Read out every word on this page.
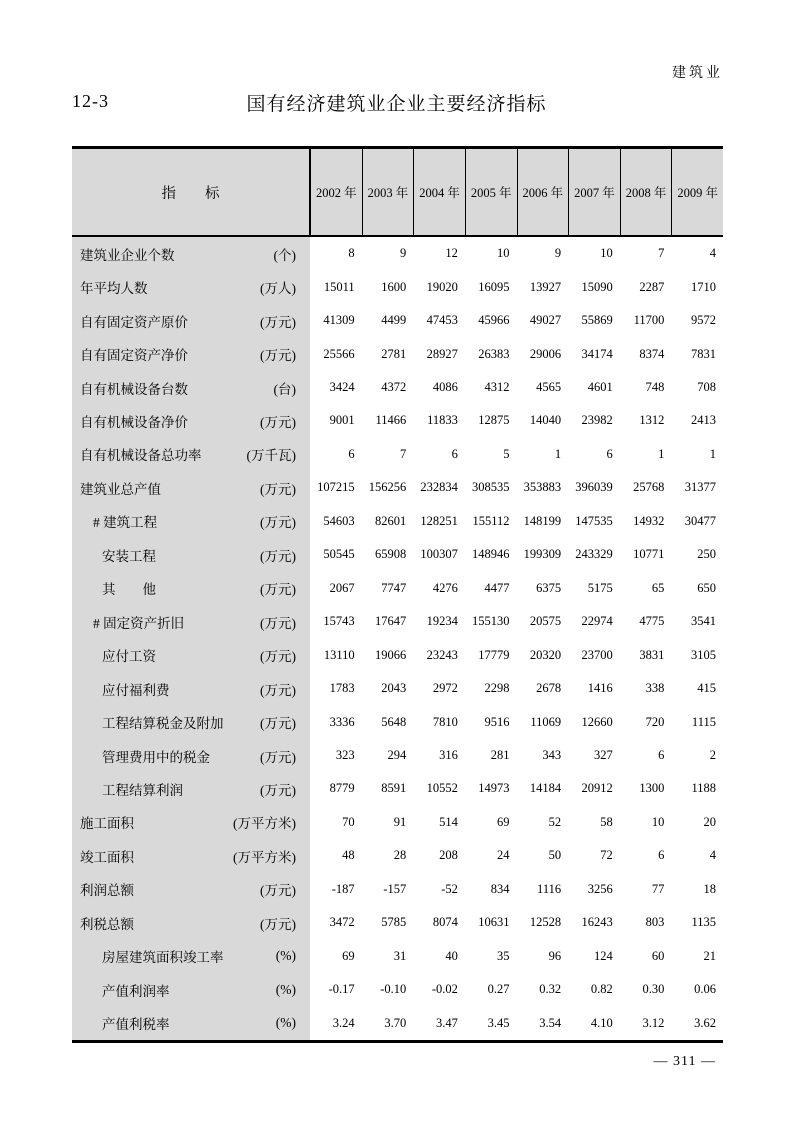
建筑业
12-3	国有经济建筑业企业主要经济指标
指　　标	2002 年 2003 年 2004 年 2005 年 2006 年 2007 年 2008 年 2009 年
建筑业企业个数	(个)	8	9	12	10	9	10	7	4
年平均人数	(万人)	15011	1600	19020	16095	13927	15090	2287	1710
自有固定资产原价	(万元)	41309	4499	47453	45966	49027	55869	11700	9572
自有固定资产净价	(万元)	25566	2781	28927	26383	29006	34174	8374	7831
自有机械设备台数	(台)	3424	4372	4086	4312	4565	4601	748	708
自有机械设备净价	(万元)	9001	11466	11833	12875	14040	23982	1312	2413
自有机械设备总功率	(万千瓦)	6	7	6	5	1	6	1	1
建筑业总产值	(万元)	107215	156256	232834	308535	353883	396039	25768	31377
# 建筑工程	(万元)	54603	82601	128251	155112	148199	147535	14932	30477
安装工程	(万元)	50545	65908	100307	148946	199309	243329	10771	250
其　　他	(万元)	2067	7747	4276	4477	6375	5175	65	650
# 固定资产折旧	(万元)	15743	17647	19234	155130	20575	22974	4775	3541
应付工资	(万元)	13110	19066	23243	17779	20320	23700	3831	3105
应付福利费	(万元)	1783	2043	2972	2298	2678	1416	338	415
工程结算税金及附加	(万元)	3336	5648	7810	9516	11069	12660	720	1115
管理费用中的税金	(万元)	323	294	316	281	343	327	6	2
工程结算利润	(万元)	8779	8591	10552	14973	14184	20912	1300	1188
施工面积	(万平方米)	70	91	514	69	52	58	10	20
竣工面积	(万平方米)	48	28	208	24	50	72	6	4
利润总额	(万元)	-187	-157	-52	834	1116	3256	77	18
利税总额	(万元)	3472	5785	8074	10631	12528	16243	803	1135
房屋建筑面积竣工率	(%)	69	31	40	35	96	124	60	21
产值利润率	(%)	-0.17	-0.10	-0.02	0.27	0.32	0.82	0.30	0.06
产值利税率	(%)	3.24	3.70	3.47	3.45	3.54	4.10	3.12	3.62
— 311 —
